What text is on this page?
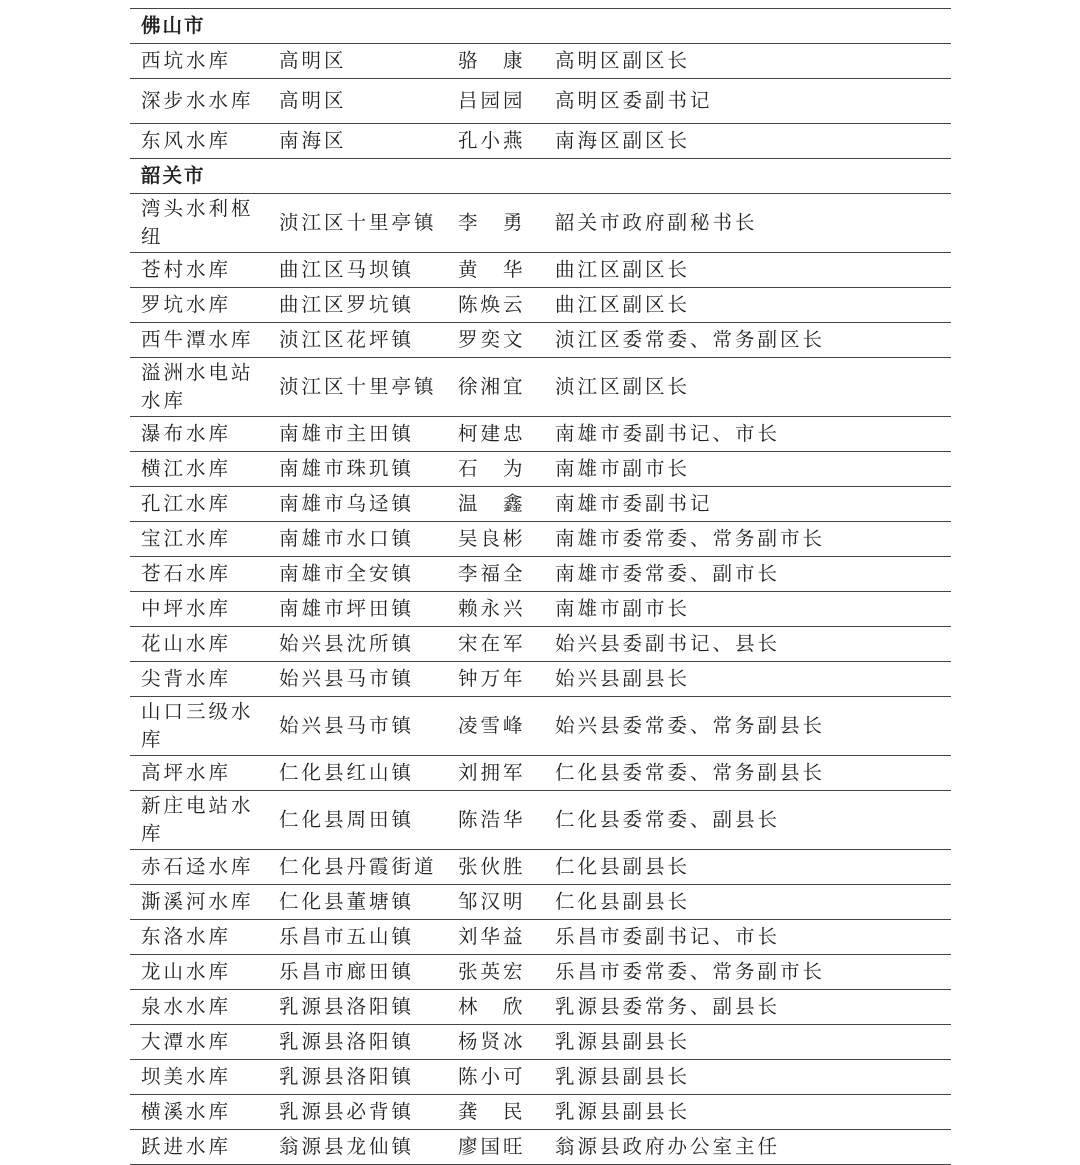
佛山市			
西坑水库	高明区	骆　康	高明区副区长
深步水水库	高明区	吕园园	高明区委副书记
东风水库	南海区	孔小燕	南海区副区长
韶关市			
湾头水利枢纽	浈江区十里亭镇	李　勇	韶关市政府副秘书长
苍村水库	曲江区马坝镇	黄　华	曲江区副区长
罗坑水库	曲江区罗坑镇	陈焕云	曲江区副区长
西牛潭水库	浈江区花坪镇	罗奕文	浈江区委常委、常务副区长
溢洲水电站水库	浈江区十里亭镇	徐湘宜	浈江区副区长
瀑布水库	南雄市主田镇	柯建忠	南雄市委副书记、市长
横江水库	南雄市珠玑镇	石　为	南雄市副市长
孔江水库	南雄市乌迳镇	温　鑫	南雄市委副书记
宝江水库	南雄市水口镇	吴良彬	南雄市委常委、常务副市长
苍石水库	南雄市全安镇	李福全	南雄市委常委、副市长
中坪水库	南雄市坪田镇	赖永兴	南雄市副市长
花山水库	始兴县沈所镇	宋在军	始兴县委副书记、县长
尖背水库	始兴县马市镇	钟万年	始兴县副县长
山口三级水库	始兴县马市镇	凌雪峰	始兴县委常委、常务副县长
高坪水库	仁化县红山镇	刘拥军	仁化县委常委、常务副县长
新庄电站水库	仁化县周田镇	陈浩华	仁化县委常委、副县长
赤石迳水库	仁化县丹霞街道	张伙胜	仁化县副县长
澌溪河水库	仁化县董塘镇	邹汉明	仁化县副县长
东洛水库	乐昌市五山镇	刘华益	乐昌市委副书记、市长
龙山水库	乐昌市廊田镇	张英宏	乐昌市委常委、常务副市长
泉水水库	乳源县洛阳镇	林　欣	乳源县委常务、副县长
大潭水库	乳源县洛阳镇	杨贤冰	乳源县副县长
坝美水库	乳源县洛阳镇	陈小可	乳源县副县长
横溪水库	乳源县必背镇	龚　民	乳源县副县长
跃进水库	翁源县龙仙镇	廖国旺	翁源县政府办公室主任
